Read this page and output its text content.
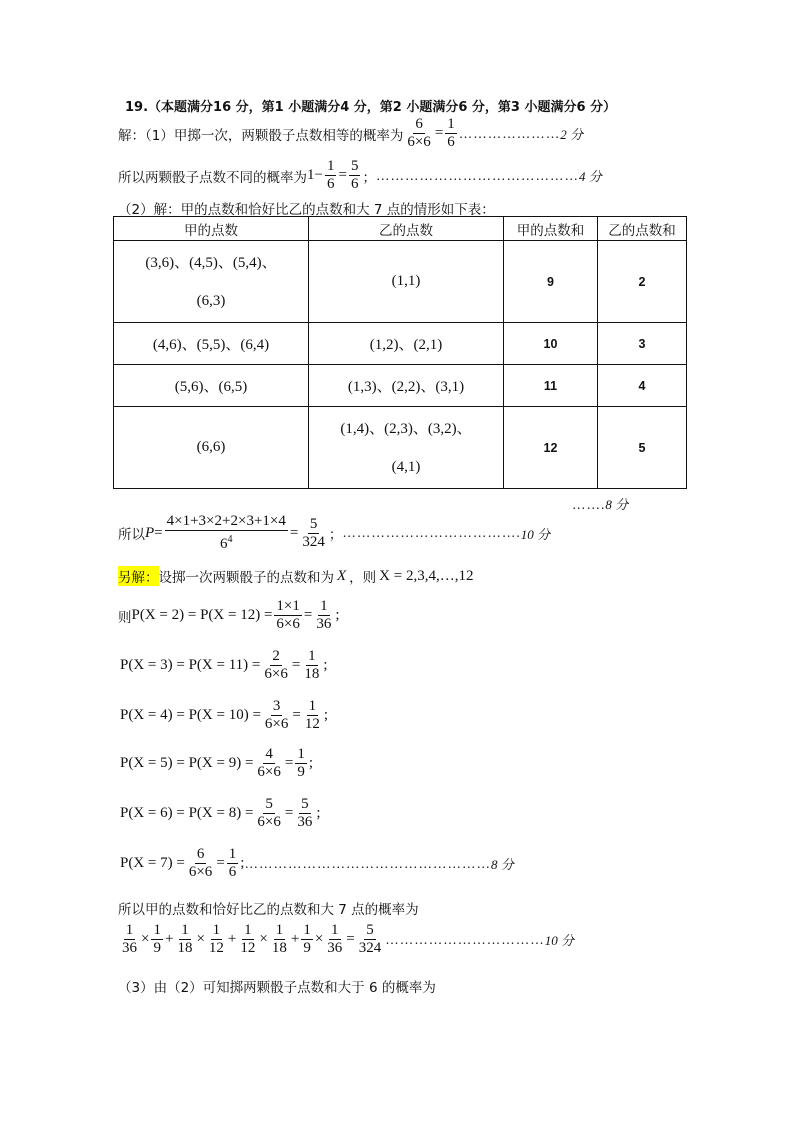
19.（本题满分16 分，第1 小题满分4 分，第2 小题满分6 分，第3 小题满分6 分）
解：（1）甲掷一次，两颗骰子点数相等的概率为 $\frac{6}{6\times 6} = \frac{1}{6}$ ………………… 2 分
所以两颗骰子点数不同的概率为 $1- \frac{1}{6} = \frac{5}{6}$ ； …………………………………… 4 分
（2）解：甲的点数和恰好比乙的点数和大 7 点的情形如下表：
甲的点数	乙的点数	甲的点数和	乙的点数和

(3,6)、(4,5)、(5,4)、
(6,3)	(1,1)	9	2
(4,6)、(5,5)、(6,4)	(1,2)、(2,1)	10	3
(5,6)、(6,5)	(1,3)、(2,2)、(3,1)	11	4
(6,6)	(1,4)、(2,3)、(3,2)、
(4,1)	12	5
…….8 分
所以 $P = \frac{4\times 1+3\times 2+2\times 3+1\times 4}{6^4} = \frac{5}{324}$ ； ………………………………. 10 分
另解： 设掷一次两颗骰子的点数和为 X ，则 X = 2,3,4,…,12
则 $P(X = 2) = P(X = 12) = \frac{1\times 1}{6\times 6} = \frac{1}{36}$ ;
$P(X = 3) = P(X = 11) = \frac{2}{6\times 6} = \frac{1}{18}$ ;
$P(X = 4) = P(X = 10) = \frac{3}{6\times 6} = \frac{1}{12}$ ;
$P(X = 5) = P(X = 9) = \frac{4}{6\times 6} = \frac{1}{9}$ ;
$P(X = 6) = P(X = 8) = \frac{5}{6\times 6} = \frac{5}{36}$ ;
$P(X = 7) = \frac{6}{6\times 6} = \frac{1}{6}$ ; …………………………………………… 8 分
所以甲的点数和恰好比乙的点数和大 7 点的概率为
$\frac{1}{36} \times \frac{1}{9} + \frac{1}{18} \times \frac{1}{12} + \frac{1}{12} \times \frac{1}{18} + \frac{1}{9} \times \frac{1}{36} = \frac{5}{324}$ …………………………… 10 分
（3）由（2）可知掷两颗骰子点数和大于 6 的概率为
